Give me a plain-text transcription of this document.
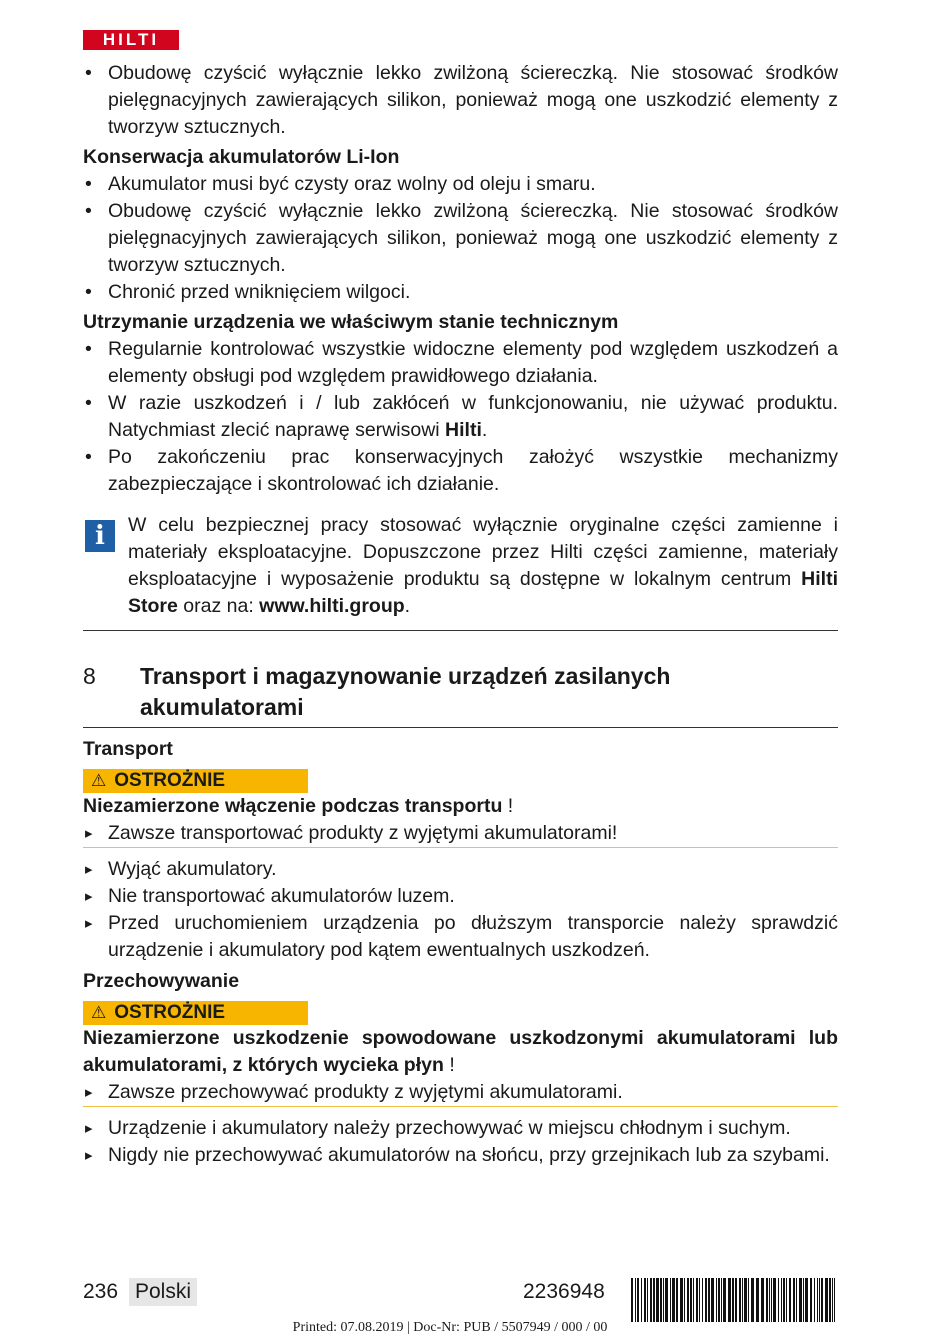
HILTI
• Obudowę czyścić wyłącznie lekko zwilżoną ściereczką. Nie stosować środków pielęgnacyjnych zawierających silikon, ponieważ mogą one uszkodzić elementy z tworzyw sztucznych.
Konserwacja akumulatorów Li-Ion
• Akumulator musi być czysty oraz wolny od oleju i smaru.
• Obudowę czyścić wyłącznie lekko zwilżoną ściereczką. Nie stosować środków pielęgnacyjnych zawierających silikon, ponieważ mogą one uszkodzić elementy z tworzyw sztucznych.
• Chronić przed wniknięciem wilgoci.
Utrzymanie urządzenia we właściwym stanie technicznym
• Regularnie kontrolować wszystkie widoczne elementy pod względem uszkodzeń a elementy obsługi pod względem prawidłowego działania.
• W razie uszkodzeń i / lub zakłóceń w funkcjonowaniu, nie używać produktu. Natychmiast zlecić naprawę serwisowi Hilti.
• Po zakończeniu prac konserwacyjnych założyć wszystkie mechanizmy zabezpieczające i skontrolować ich działanie.
i	W celu bezpiecznej pracy stosować wyłącznie oryginalne części zamienne i materiały eksploatacyjne. Dopuszczone przez Hilti części zamienne, materiały eksploatacyjne i wyposażenie produktu są dostępne w lokalnym centrum Hilti Store oraz na: www.hilti.group.
8 Transport i magazynowanie urządzeń zasilanych akumulatorami
Transport
⚠ OSTROŻNIE
Niezamierzone włączenie podczas transportu !
▸ Zawsze transportować produkty z wyjętymi akumulatorami!
▸ Wyjąć akumulatory.
▸ Nie transportować akumulatorów luzem.
▸ Przed uruchomieniem urządzenia po dłuższym transporcie należy sprawdzić urządzenie i akumulatory pod kątem ewentualnych uszkodzeń.
Przechowywanie
⚠ OSTROŻNIE
Niezamierzone uszkodzenie spowodowane uszkodzonymi akumulatorami lub akumulatorami, z których wycieka płyn !
▸ Zawsze przechowywać produkty z wyjętymi akumulatorami.
▸ Urządzenie i akumulatory należy przechowywać w miejscu chłodnym i suchym.
▸ Nigdy nie przechowywać akumulatorów na słońcu, przy grzejnikach lub za szybami.
236 Polski	2236948
Printed: 07.08.2019 | Doc-Nr: PUB / 5507949 / 000 / 00
